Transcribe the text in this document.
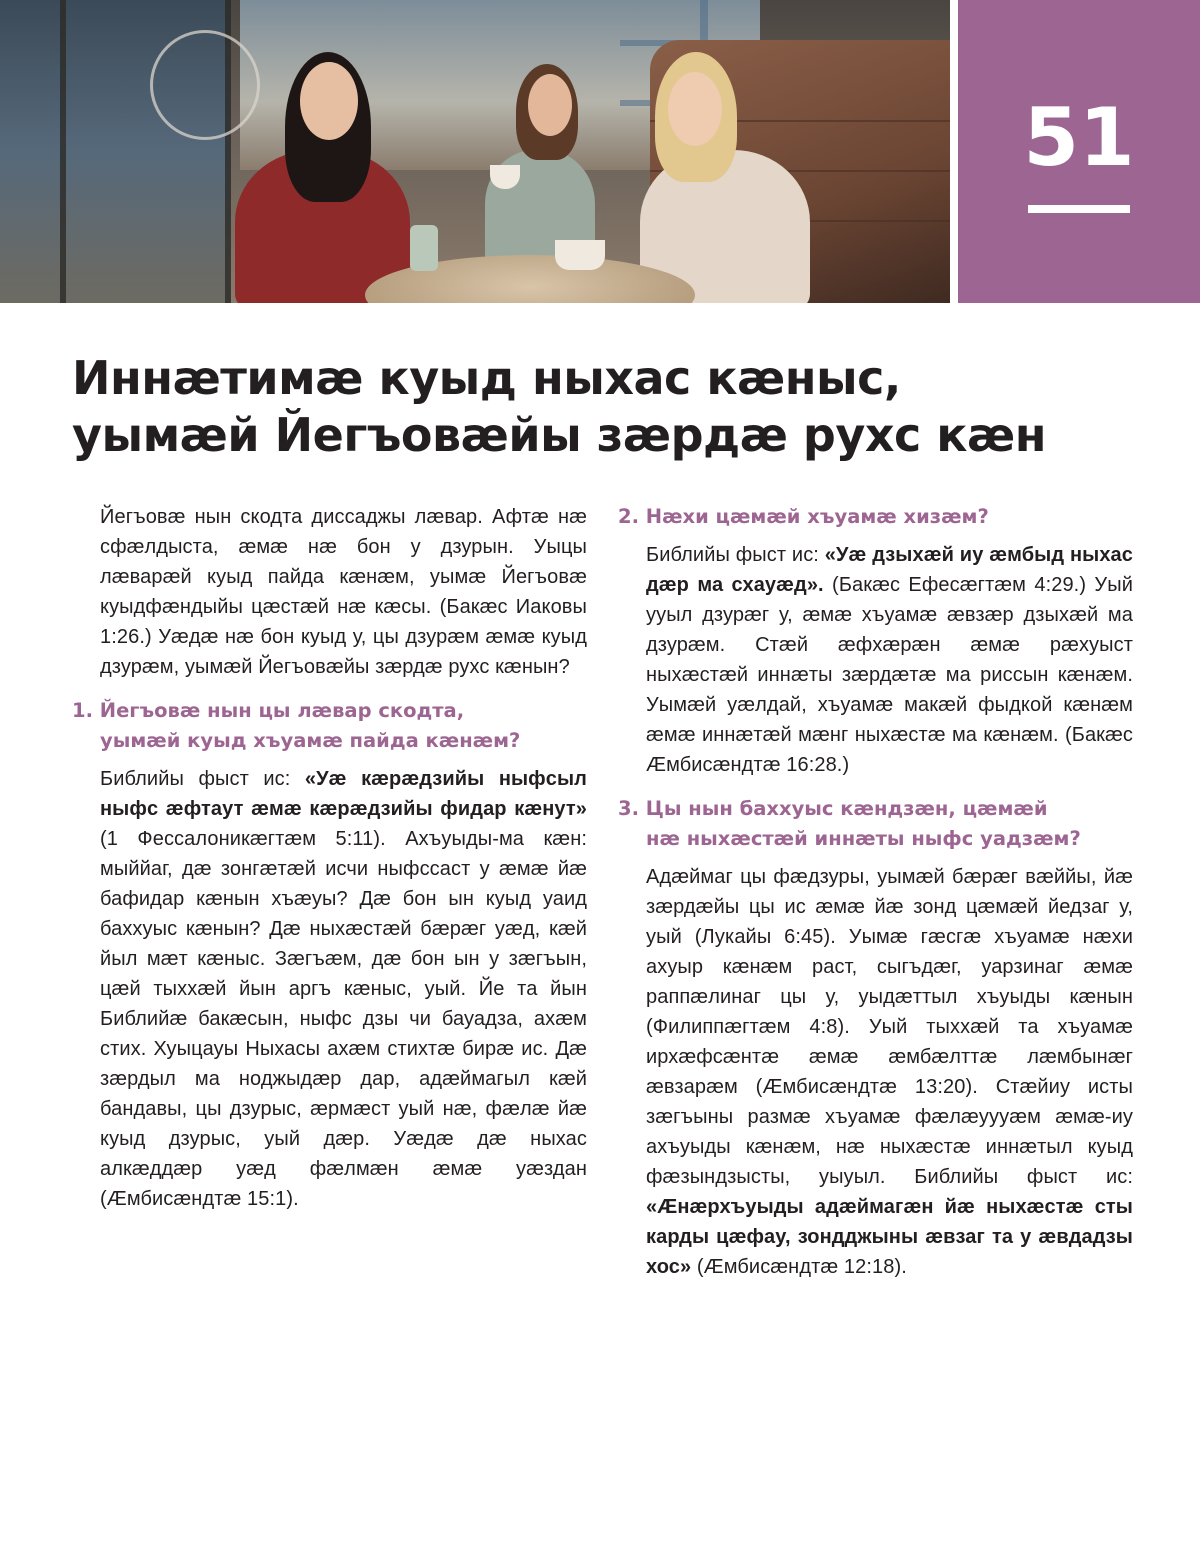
51
Иннæтимæ куыд ныхас кæныс,
уымæй Йегъовæйы зæрдæ рухс кæн

Йегъовæ нын скодта диссаджы лæвар. Афтæ нæ сфæлдыста, æмæ нæ бон у дзурын. Уыцы лæварæй куыд пайда кæнæм, уымæ Йегъовæ куыдфæндыйы цæстæй нæ кæсы. (Бакæс Иаковы 1:26.) Уæдæ нæ бон куыд у, цы дзурæм æмæ куыд дзурæм, уымæй Йегъовæйы зæрдæ рухс кæнын?

1. Йегъовæ нын цы лæвар скодта,
уымæй куыд хъуамæ пайда кæнæм?

Библийы фыст ис: «Уæ кæрæдзийы ныфсыл ныфс æфтаут æмæ кæрæдзийы фидар кæнут» (1 Фессалоникæгтæм 5:11). Ахъуыды-ма кæн: мыййаг, дæ зонгæтæй исчи ныфссаст у æмæ йæ бафидар кæнын хъæуы? Дæ бон ын куыд уаид баххуыс кæнын? Дæ ныхæстæй бæрæг уæд, кæй йыл мæт кæныс. Зæгъæм, дæ бон ын у зæгъын, цæй тыххæй йын аргъ кæныс, уый. Йе та йын Библийæ бакæсын, ныфс дзы чи бауадза, ахæм стих. Хуыцауы Ныхасы ахæм стихтæ бирæ ис. Дæ зæрдыл ма ноджыдæр дар, адæймагыл кæй бандавы, цы дзурыс, æрмæст уый нæ, фæлæ йæ куыд дзурыс, уый дæр. Уæдæ дæ ныхас алкæддæр уæд фæлмæн æмæ уæздан (Æмбисæндтæ 15:1).

2. Нæхи цæмæй хъуамæ хизæм?

Библийы фыст ис: «Уæ дзыхæй иу æмбыд ныхас дæр ма схауæд». (Бакæс Ефесæгтæм 4:29.) Уый ууыл дзурæг у, æмæ хъуамæ æвзæр дзыхæй ма дзурæм. Стæй æфхæрæн æмæ рæхуыст ныхæстæй иннæты зæрдæтæ ма риссын кæнæм. Уымæй уæлдай, хъуамæ макæй фыдкой кæнæм æмæ иннæтæй мæнг ныхæстæ ма кæнæм. (Бакæс Æмбисæндтæ 16:28.)

3. Цы нын баххуыс кæндзæн, цæмæй
нæ ныхæстæй иннæты ныфс уадзæм?

Адæймаг цы фæдзуры, уымæй бæрæг вæййы, йæ зæрдæйы цы ис æмæ йæ зонд цæмæй йедзаг у, уый (Лукайы 6:45). Уымæ гæсгæ хъуамæ нæхи ахуыр кæнæм раст, сыгъдæг, уарзинаг æмæ раппæлинаг цы у, уыдæттыл хъуыды кæнын (Филиппæгтæм 4:8). Уый тыххæй та хъуамæ ирхæфсæнтæ æмæ æмбæлттæ лæмбынæг æвзарæм (Æмбисæндтæ 13:20). Стæйиу исты зæгъыны размæ хъуамæ фæлæуууæм æмæ-иу ахъуыды кæнæм, нæ ныхæстæ иннæтыл куыд фæзындзысты, уыуыл. Библийы фыст ис: «Æнæрхъуыды адæймагæн йæ ныхæстæ сты карды цæфау, зондджыны æвзаг та у æвдадзы хос» (Æмбисæндтæ 12:18).
